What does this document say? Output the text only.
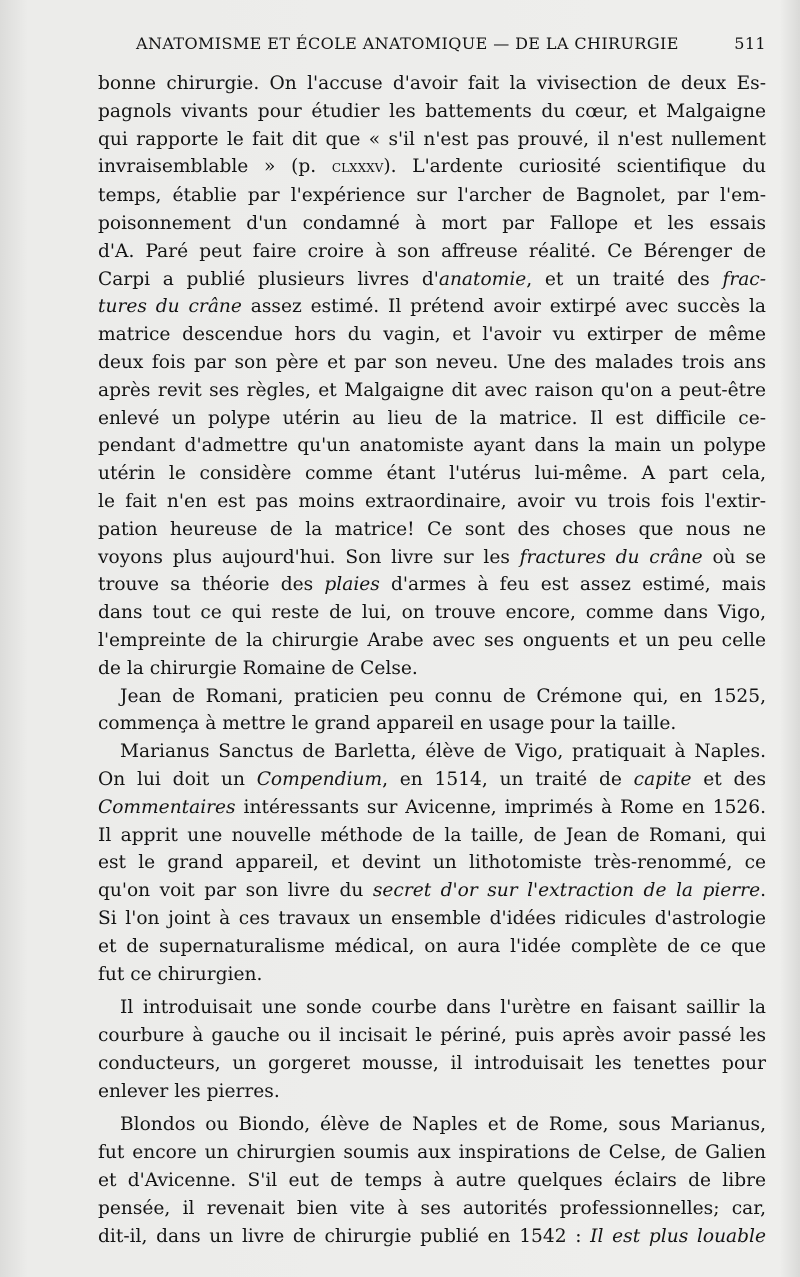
ANATOMISME ET ÉCOLE ANATOMIQUE — DE LA CHIRURGIE	511
bonne chirurgie. On l'accuse d'avoir fait la vivisection de deux Es-
pagnols vivants pour étudier les battements du cœur, et Malgaigne
qui rapporte le fait dit que « s'il n'est pas prouvé, il n'est nullement
invraisemblable » (p. clxxxv). L'ardente curiosité scientifique du
temps, établie par l'expérience sur l'archer de Bagnolet, par l'em-
poisonnement d'un condamné à mort par Fallope et les essais
d'A. Paré peut faire croire à son affreuse réalité. Ce Bérenger de
Carpi a publié plusieurs livres d'anatomie, et un traité des frac-
tures du crâne assez estimé. Il prétend avoir extirpé avec succès la
matrice descendue hors du vagin, et l'avoir vu extirper de même
deux fois par son père et par son neveu. Une des malades trois ans
après revit ses règles, et Malgaigne dit avec raison qu'on a peut-être
enlevé un polype utérin au lieu de la matrice. Il est difficile ce-
pendant d'admettre qu'un anatomiste ayant dans la main un polype
utérin le considère comme étant l'utérus lui-même. A part cela,
le fait n'en est pas moins extraordinaire, avoir vu trois fois l'extir-
pation heureuse de la matrice! Ce sont des choses que nous ne
voyons plus aujourd'hui. Son livre sur les fractures du crâne où se
trouve sa théorie des plaies d'armes à feu est assez estimé, mais
dans tout ce qui reste de lui, on trouve encore, comme dans Vigo,
l'empreinte de la chirurgie Arabe avec ses onguents et un peu celle
de la chirurgie Romaine de Celse.
Jean de Romani, praticien peu connu de Crémone qui, en 1525,
commença à mettre le grand appareil en usage pour la taille.
Marianus Sanctus de Barletta, élève de Vigo, pratiquait à Naples.
On lui doit un Compendium, en 1514, un traité de capite et des
Commentaires intéressants sur Avicenne, imprimés à Rome en 1526.
Il apprit une nouvelle méthode de la taille, de Jean de Romani, qui
est le grand appareil, et devint un lithotomiste très-renommé, ce
qu'on voit par son livre du secret d'or sur l'extraction de la pierre.
Si l'on joint à ces travaux un ensemble d'idées ridicules d'astrologie
et de supernaturalisme médical, on aura l'idée complète de ce que
fut ce chirurgien.
Il introduisait une sonde courbe dans l'urètre en faisant saillir la
courbure à gauche ou il incisait le périné, puis après avoir passé les
conducteurs, un gorgeret mousse, il introduisait les tenettes pour
enlever les pierres.
Blondos ou Biondo, élève de Naples et de Rome, sous Marianus,
fut encore un chirurgien soumis aux inspirations de Celse, de Galien
et d'Avicenne. S'il eut de temps à autre quelques éclairs de libre
pensée, il revenait bien vite à ses autorités professionnelles; car,
dit-il, dans un livre de chirurgie publié en 1542 : Il est plus louable
